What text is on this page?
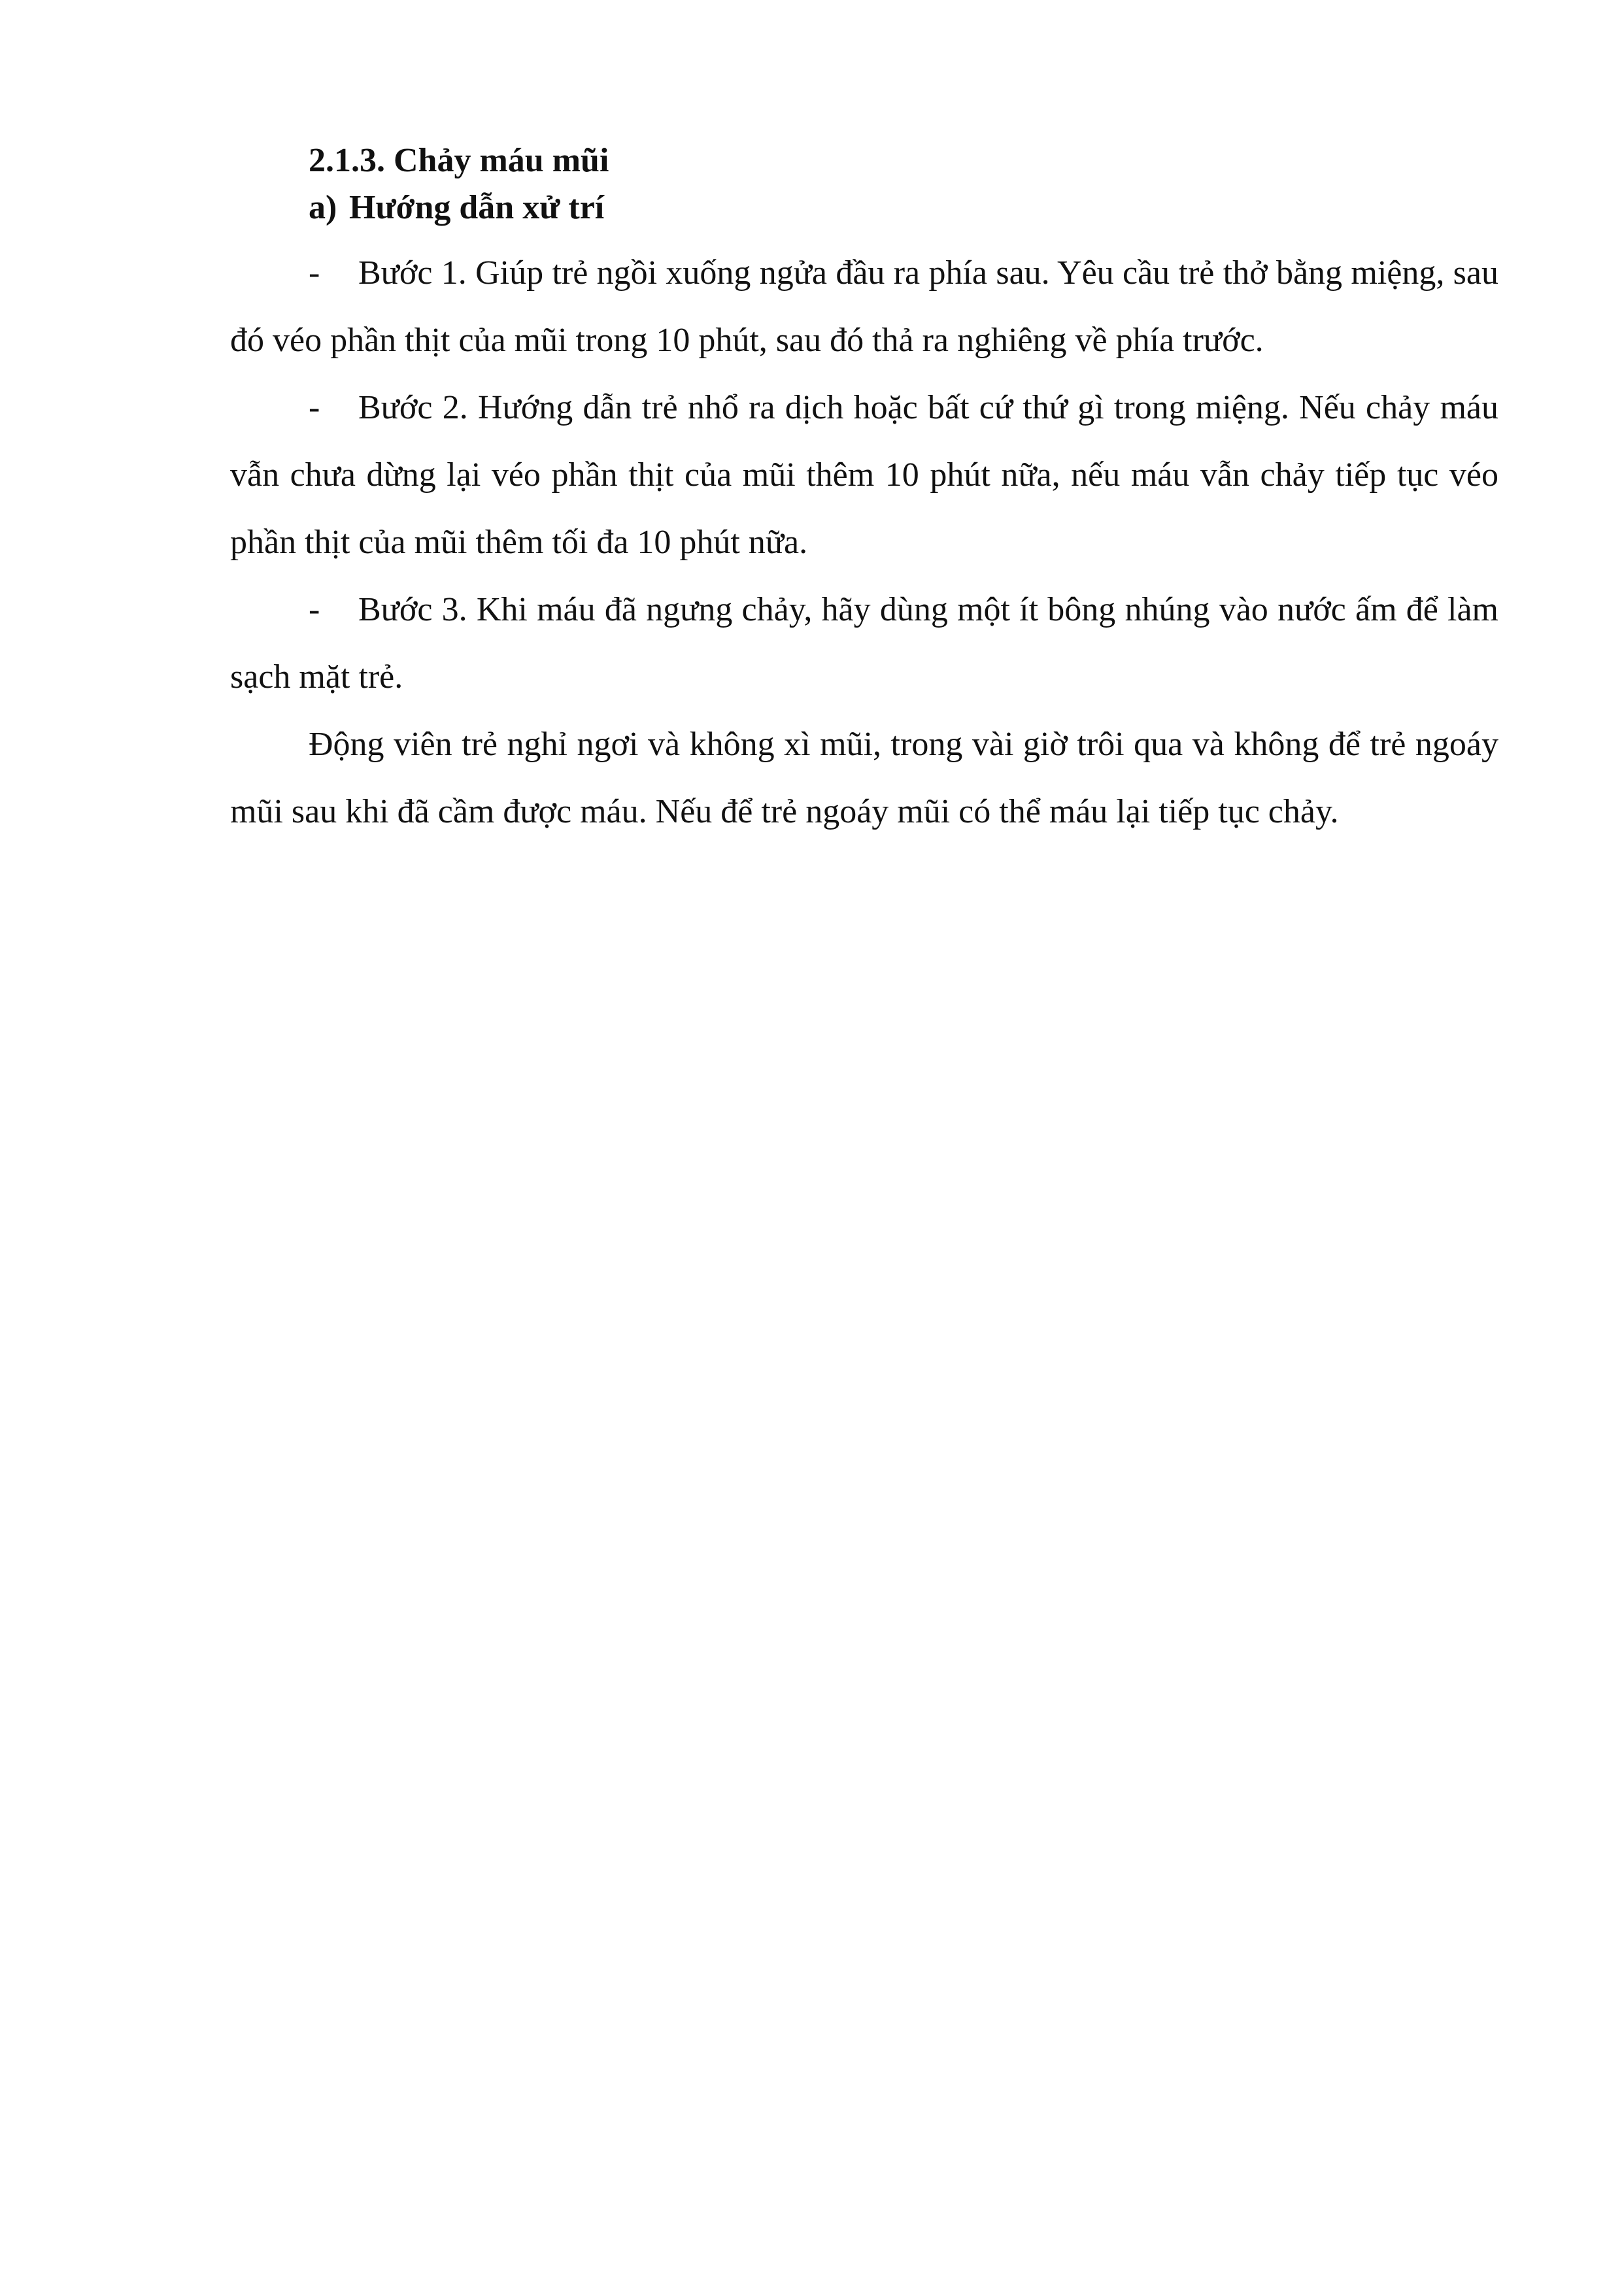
2.1.3. Chảy máu mũi

a) Hướng dẫn xử trí

- Bước 1. Giúp trẻ ngồi xuống ngửa đầu ra phía sau. Yêu cầu trẻ thở bằng miệng, sau đó véo phần thịt của mũi trong 10 phút, sau đó thả ra nghiêng về phía trước.

- Bước 2. Hướng dẫn trẻ nhổ ra dịch hoặc bất cứ thứ gì trong miệng. Nếu chảy máu vẫn chưa dừng lại véo phần thịt của mũi thêm 10 phút nữa, nếu máu vẫn chảy tiếp tục véo phần thịt của mũi thêm tối đa 10 phút nữa.

- Bước 3. Khi máu đã ngưng chảy, hãy dùng một ít bông nhúng vào nước ấm để làm sạch mặt trẻ.

Động viên trẻ nghỉ ngơi và không xì mũi, trong vài giờ trôi qua và không để trẻ ngoáy mũi sau khi đã cầm được máu. Nếu để trẻ ngoáy mũi có thể máu lại tiếp tục chảy.
